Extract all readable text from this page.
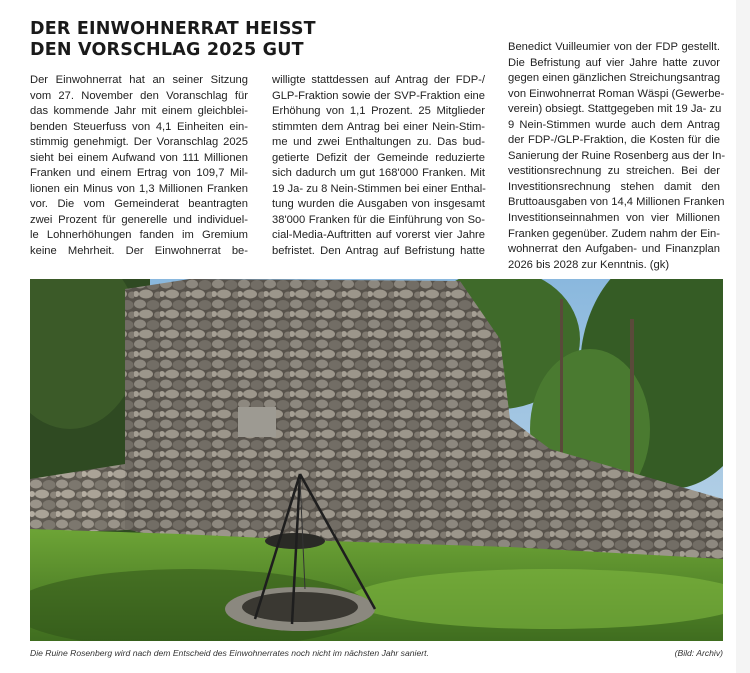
DER EINWOHNERRAT HEISST
DEN VORSCHLAG 2025 GUT
Der Einwohnerrat hat an seiner Sitzung
vom 27. November den Voranschlag für
das kommende Jahr mit einem gleichblei-
benden Steuerfuss von 4,1 Einheiten ein-
stimmig genehmigt. Der Voranschlag 2025
sieht bei einem Aufwand von 111 Millionen
Franken und einem Ertrag von 109,7 Mil-
lionen ein Minus von 1,3 Millionen Franken
vor. Die vom Gemeinderat beantragten
zwei Prozent für generelle und individuel-
le Lohnerhöhungen fanden im Gremium
keine Mehrheit. Der Einwohnerrat be-
willigte stattdessen auf Antrag der FDP-/
GLP-Fraktion sowie der SVP-Fraktion eine
Erhöhung von 1,1 Prozent. 25 Mitglieder
stimmten dem Antrag bei einer Nein-Stim-
me und zwei Enthaltungen zu. Das bud-
getierte Defizit der Gemeinde reduzierte
sich dadurch um gut 168'000 Franken. Mit
19 Ja- zu 8 Nein-Stimmen bei einer Enthal-
tung wurden die Ausgaben von insgesamt
38'000 Franken für die Einführung von So-
cial-Media-Auftritten auf vorerst vier Jahre
befristet. Den Antrag auf Befristung hatte
Benedict Vuilleumier von der FDP gestellt.
Die Befristung auf vier Jahre hatte zuvor
gegen einen gänzlichen Streichungsantrag
von Einwohnerrat Roman Wäspi (Gewerbe-
verein) obsiegt. Stattgegeben mit 19 Ja- zu
9 Nein-Stimmen wurde auch dem Antrag
der FDP-/GLP-Fraktion, die Kosten für die
Sanierung der Ruine Rosenberg aus der In-
vestitionsrechnung zu streichen. Bei der
Investitionsrechnung stehen damit den
Bruttoausgaben von 14,4 Millionen Franken
Investitionseinnahmen von vier Millionen
Franken gegenüber. Zudem nahm der Ein-
wohnerrat den Aufgaben- und Finanzplan
2026 bis 2028 zur Kenntnis. (gk)
Die Ruine Rosenberg wird nach dem Entscheid des Einwohnerrates noch nicht im nächsten Jahr saniert.	(Bild: Archiv)
